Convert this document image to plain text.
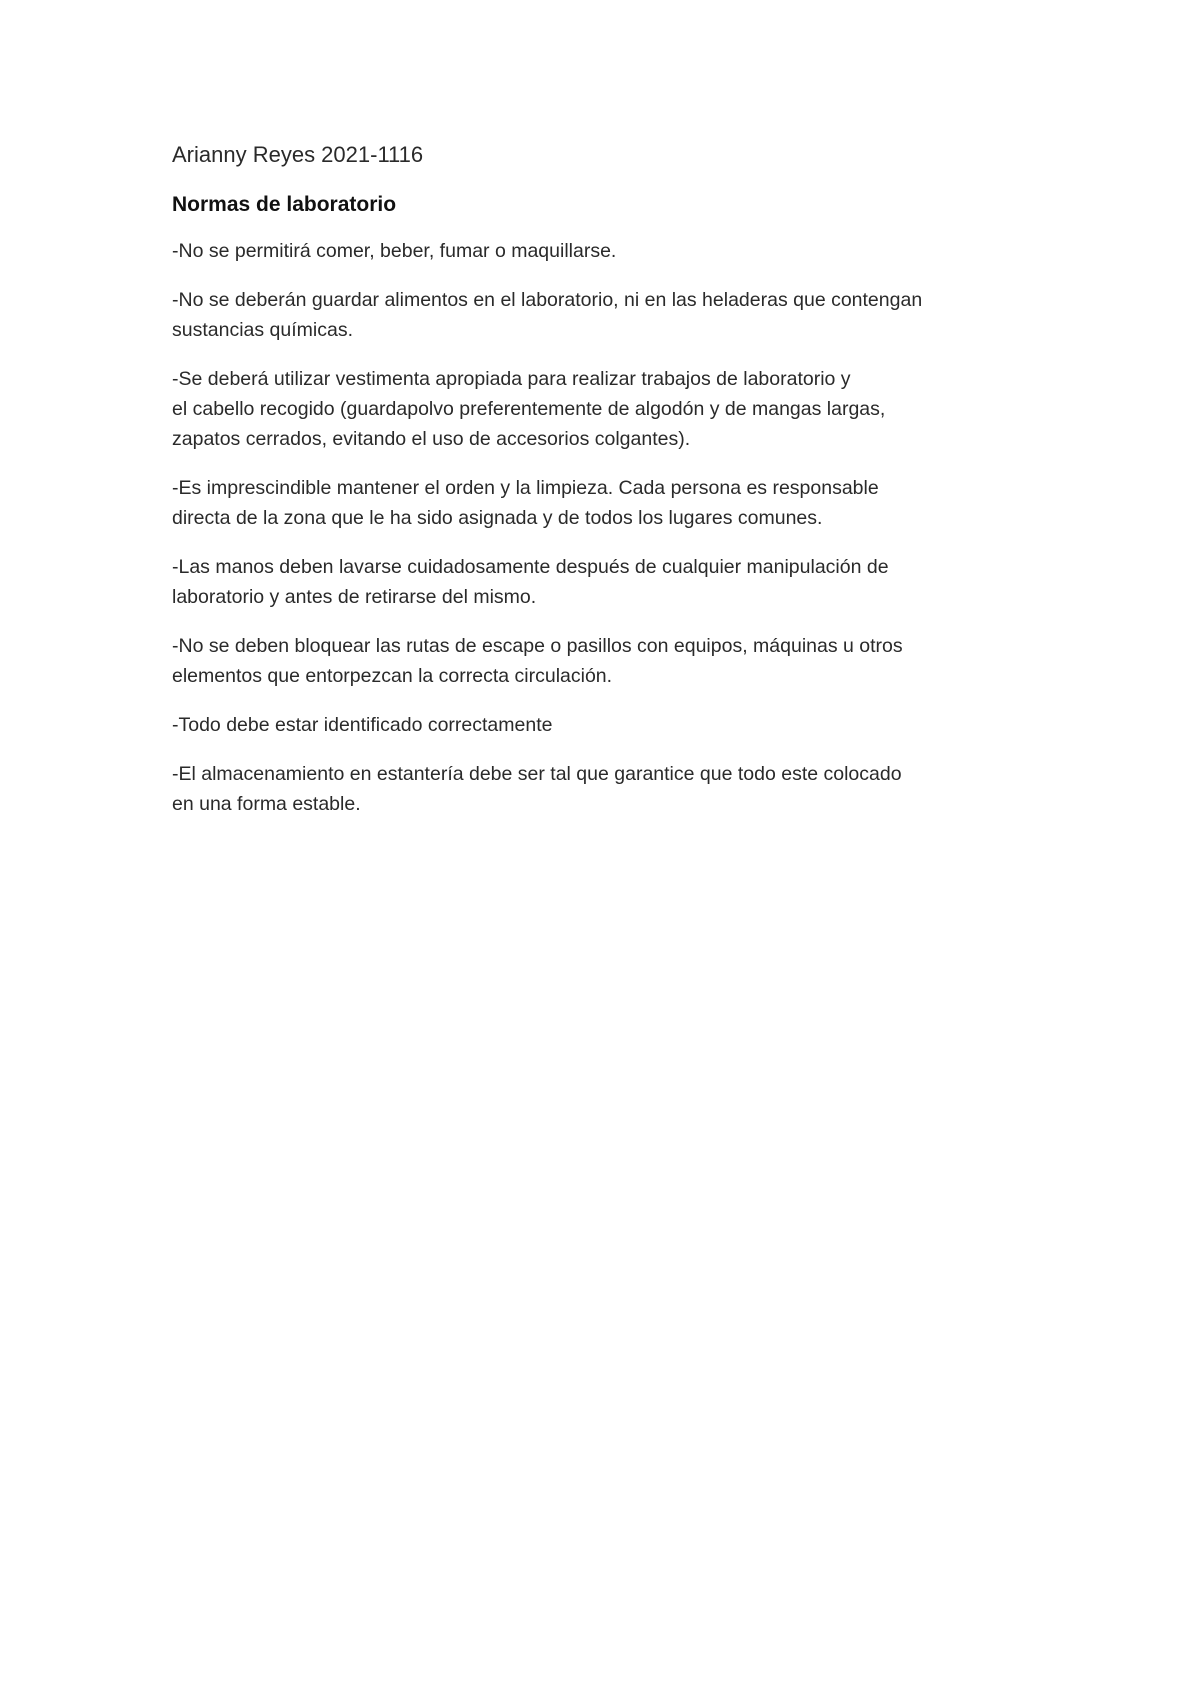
Arianny Reyes 2021-1116

Normas de laboratorio

-No se permitirá comer, beber, fumar o maquillarse.

-No se deberán guardar alimentos en el laboratorio, ni en las heladeras que contengan
sustancias químicas.

-Se deberá utilizar vestimenta apropiada para realizar trabajos de laboratorio y
el cabello recogido (guardapolvo preferentemente de algodón y de mangas largas,
zapatos cerrados, evitando el uso de accesorios colgantes).

-Es imprescindible mantener el orden y la limpieza. Cada persona es responsable
directa de la zona que le ha sido asignada y de todos los lugares comunes.

-Las manos deben lavarse cuidadosamente después de cualquier manipulación de
laboratorio y antes de retirarse del mismo.

-No se deben bloquear las rutas de escape o pasillos con equipos, máquinas u otros
elementos que entorpezcan la correcta circulación.

-Todo debe estar identificado correctamente

-El almacenamiento en estantería debe ser tal que garantice que todo este colocado
en una forma estable.
